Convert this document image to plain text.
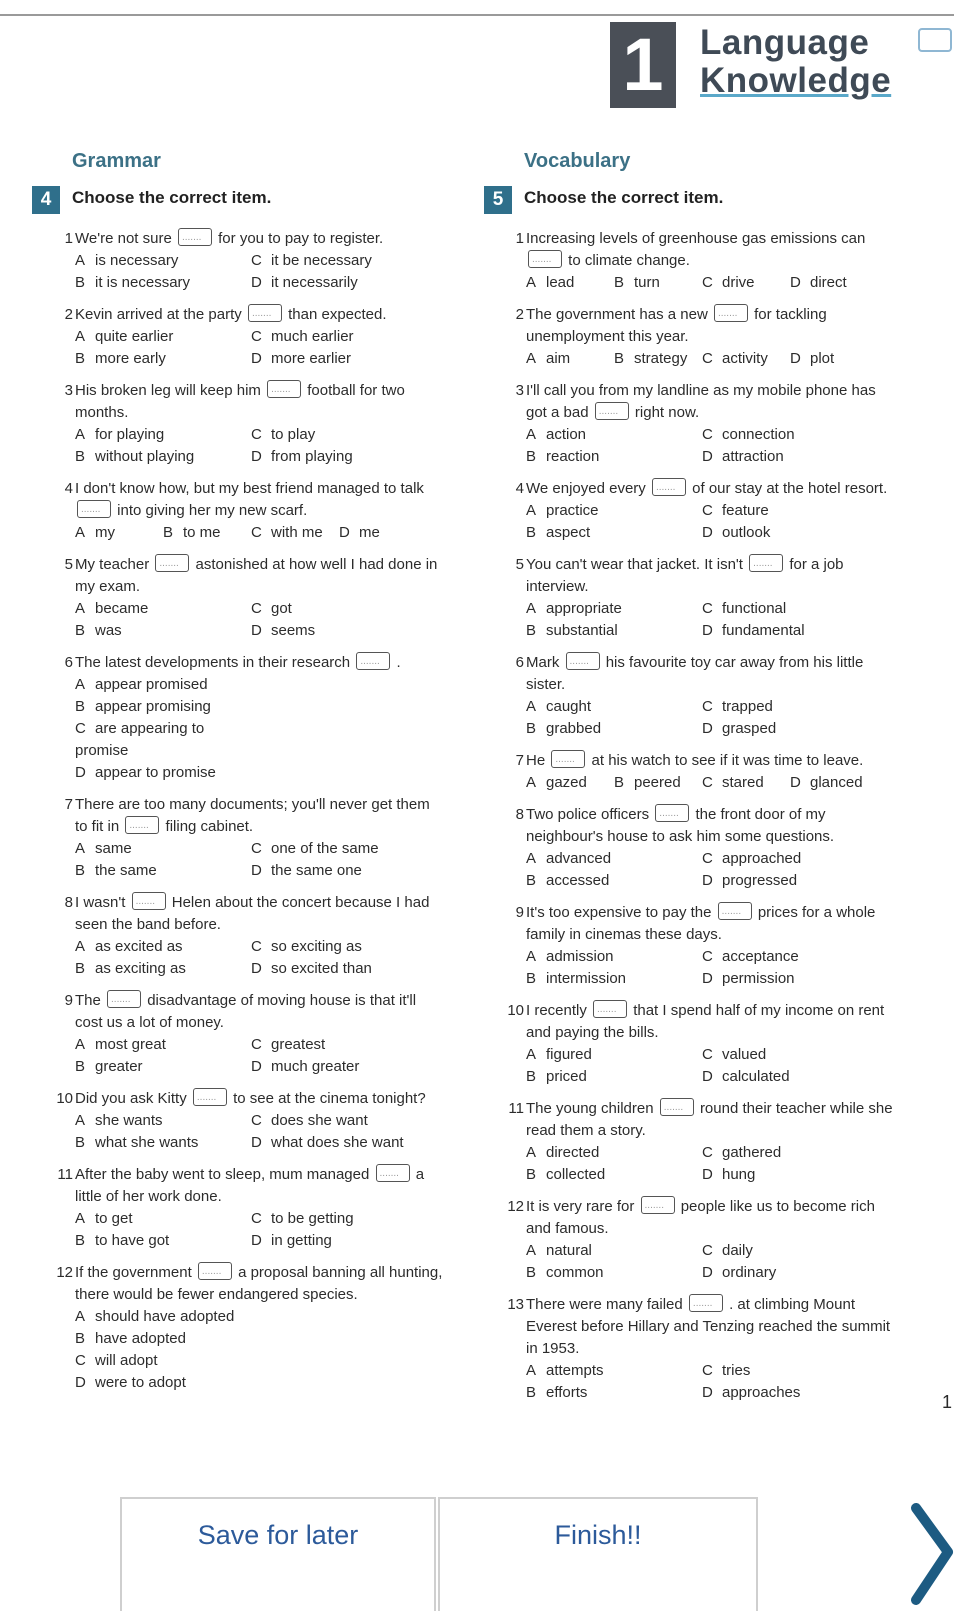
1	Language
Knowledge
Grammar	Vocabulary
4	Choose the correct item.	5	Choose the correct item.
1 We're not sure .......	for you to pay to register.
A is necessary	C it be necessary
B it is necessary	D it necessarily
2 Kevin arrived at the party .......	than expected.
A quite earlier	C much earlier
B more early	D more earlier
3 His broken leg will keep him .......	football for two months.
A for playing	C to play
B without playing	D from playing
4 I don't know how, but my best friend managed to talk ....... into giving her my new scarf.
A my	B to me	C with me	D me
5 My teacher .......	astonished at how well I had done in my exam.
A became	C got
B was	D seems
6 The latest developments in their research .......	.
A appear promised
B appear promising
C are appearing to promise
D appear to promise
7 There are too many documents; you'll never get them to fit in .......	filing cabinet.
A same	C one of the same
B the same	D the same one
8 I wasn't .......	Helen about the concert because I had seen the band before.
A as excited as	C so exciting as
B as exciting as	D so excited than
9 The .......	disadvantage of moving house is that it'll cost us a lot of money.
A most great	C greatest
B greater	D much greater
10 Did you ask Kitty .......	to see at the cinema tonight?
A she wants	C does she want
B what she wants	D what does she want
11 After the baby went to sleep, mum managed .......	a little of her work done.
A to get	C to be getting
B to have got	D in getting
12 If the government .......	a proposal banning all hunting, there would be fewer endangered species.
A should have adopted
B have adopted
C will adopt
D were to adopt
1 Increasing levels of greenhouse gas emissions can ....... to climate change.
A lead	B turn	C drive	D direct
2 The government has a new .......	for tackling unemployment this year.
A aim	B strategy C activity	D plot
3 I'll call you from my landline as my mobile phone has got a bad .......	right now.
A action	C connection
B reaction	D attraction
4 We enjoyed every .......	of our stay at the hotel resort.
A practice	C feature
B aspect	D outlook
5 You can't wear that jacket. It isn't .......	for a job interview.
A appropriate	C functional
B substantial	D fundamental
6 Mark .......	his favourite toy car away from his little sister.
A caught	C trapped
B grabbed	D grasped
7 He .......	at his watch to see if it was time to leave.
A gazed	B peered	C stared	D glanced
8 Two police officers .......	the front door of my neighbour's house to ask him some questions.
A advanced	C approached
B accessed	D progressed
9 It's too expensive to pay the .......	prices for a whole family in cinemas these days.
A admission	C acceptance
B intermission	D permission
10 I recently .......	that I spend half of my income on rent and paying the bills.
A figured	C valued
B priced	D calculated
11 The young children .......	round their teacher while she read them a story.
A directed	C gathered
B collected	D hung
12 It is very rare for .......	people like us to become rich and famous.
A natural	C daily
B common	D ordinary
13 There were many failed .......	. at climbing Mount Everest before Hillary and Tenzing reached the summit in 1953.
A attempts	C tries
B efforts	D approaches	1
Save for later	Finish!!
